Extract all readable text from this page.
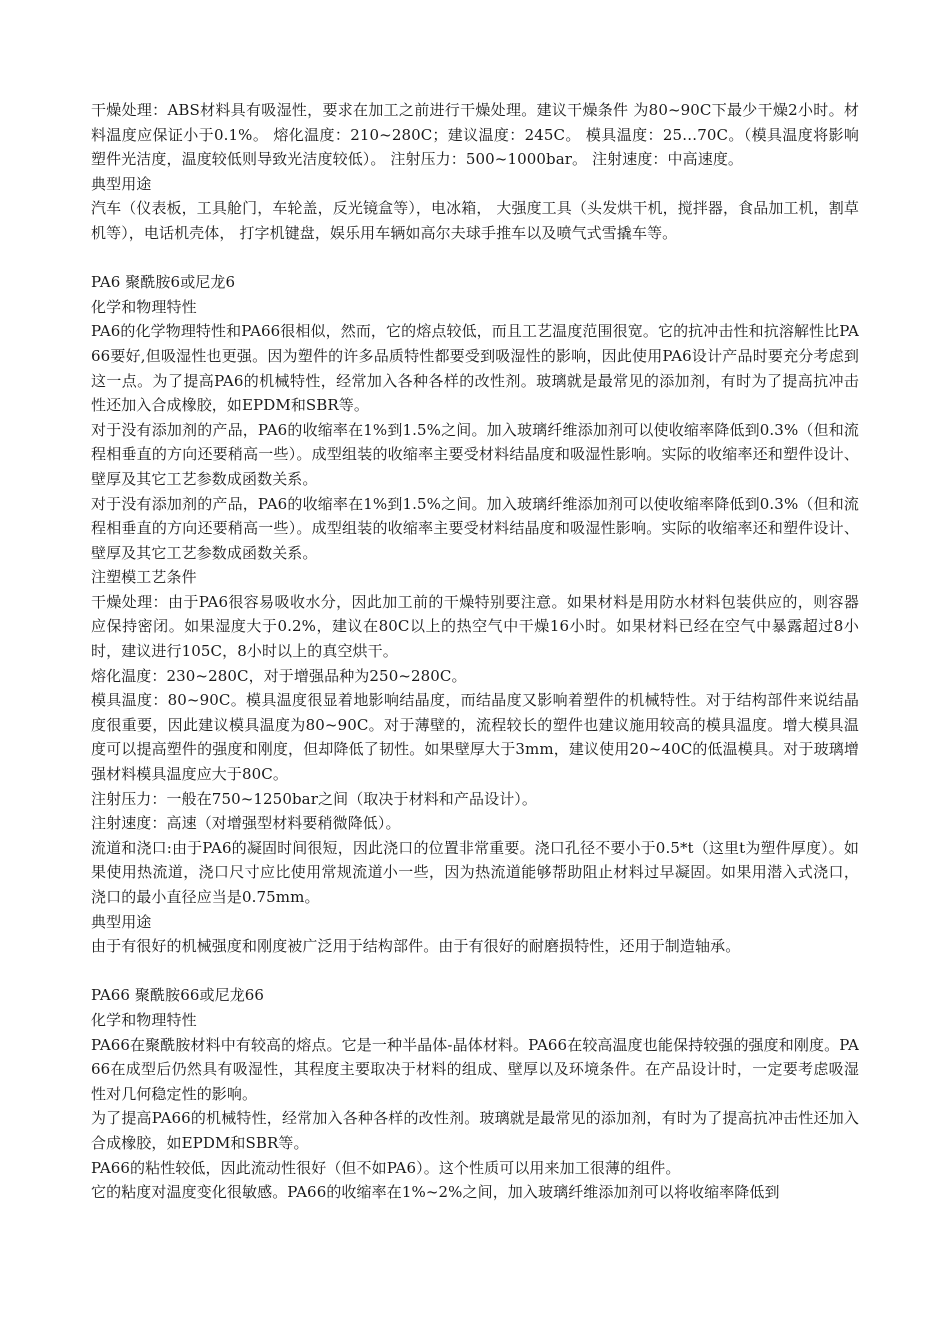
干燥处理：ABS材料具有吸湿性，要求在加工之前进行干燥处理。建议干燥条件 为80~90C下最少干燥2小时。材料温度应保证小于0.1%。 熔化温度：210~280C；建议温度：245C。 模具温度：25…70C。（模具温度将影响塑件光洁度，温度较低则导致光洁度较低）。 注射压力：500~1000bar。 注射速度：中高速度。

典型用途

汽车（仪表板，工具舱门，车轮盖，反光镜盒等），电冰箱， 大强度工具（头发烘干机，搅拌器，食品加工机，割草机等），电话机壳体， 打字机键盘，娱乐用车辆如高尔夫球手推车以及喷气式雪撬车等。

PA6 聚酰胺6或尼龙6

化学和物理特性

PA6的化学物理特性和PA66很相似，然而，它的熔点较低，而且工艺温度范围很宽。它的抗冲击性和抗溶解性比PA66要好,但吸湿性也更强。因为塑件的许多品质特性都要受到吸湿性的影响，因此使用PA6设计产品时要充分考虑到这一点。为了提高PA6的机械特性，经常加入各种各样的改性剂。玻璃就是最常见的添加剂，有时为了提高抗冲击性还加入合成橡胶，如EPDM和SBR等。

对于没有添加剂的产品，PA6的收缩率在1%到1.5%之间。加入玻璃纤维添加剂可以使收缩率降低到0.3%（但和流程相垂直的方向还要稍高一些）。成型组装的收缩率主要受材料结晶度和吸湿性影响。实际的收缩率还和塑件设计、壁厚及其它工艺参数成函数关系。

对于没有添加剂的产品，PA6的收缩率在1%到1.5%之间。加入玻璃纤维添加剂可以使收缩率降低到0.3%（但和流程相垂直的方向还要稍高一些）。成型组装的收缩率主要受材料结晶度和吸湿性影响。实际的收缩率还和塑件设计、壁厚及其它工艺参数成函数关系。

注塑模工艺条件

干燥处理：由于PA6很容易吸收水分，因此加工前的干燥特别要注意。如果材料是用防水材料包装供应的，则容器应保持密闭。如果湿度大于0.2%，建议在80C以上的热空气中干燥16小时。如果材料已经在空气中暴露超过8小时，建议进行105C，8小时以上的真空烘干。

熔化温度：230~280C，对于增强品种为250~280C。

模具温度：80~90C。模具温度很显着地影响结晶度，而结晶度又影响着塑件的机械特性。对于结构部件来说结晶度很重要，因此建议模具温度为80~90C。对于薄壁的，流程较长的塑件也建议施用较高的模具温度。增大模具温度可以提高塑件的强度和刚度，但却降低了韧性。如果壁厚大于3mm，建议使用20~40C的低温模具。对于玻璃增强材料模具温度应大于80C。

注射压力：一般在750~1250bar之间（取决于材料和产品设计）。

注射速度：高速（对增强型材料要稍微降低）。

流道和浇口:由于PA6的凝固时间很短，因此浇口的位置非常重要。浇口孔径不要小于0.5*t（这里t为塑件厚度）。如果使用热流道，浇口尺寸应比使用常规流道小一些，因为热流道能够帮助阻止材料过早凝固。如果用潜入式浇口，浇口的最小直径应当是0.75mm。

典型用途

由于有很好的机械强度和刚度被广泛用于结构部件。由于有很好的耐磨损特性，还用于制造轴承。

PA66 聚酰胺66或尼龙66

化学和物理特性

PA66在聚酰胺材料中有较高的熔点。它是一种半晶体-晶体材料。PA66在较高温度也能保持较强的强度和刚度。PA66在成型后仍然具有吸湿性，其程度主要取决于材料的组成、壁厚以及环境条件。在产品设计时，一定要考虑吸湿性对几何稳定性的影响。

为了提高PA66的机械特性，经常加入各种各样的改性剂。玻璃就是最常见的添加剂，有时为了提高抗冲击性还加入合成橡胶，如EPDM和SBR等。

PA66的粘性较低，因此流动性很好（但不如PA6）。这个性质可以用来加工很薄的组件。

它的粘度对温度变化很敏感。PA66的收缩率在1%~2%之间，加入玻璃纤维添加剂可以将收缩率降低到
